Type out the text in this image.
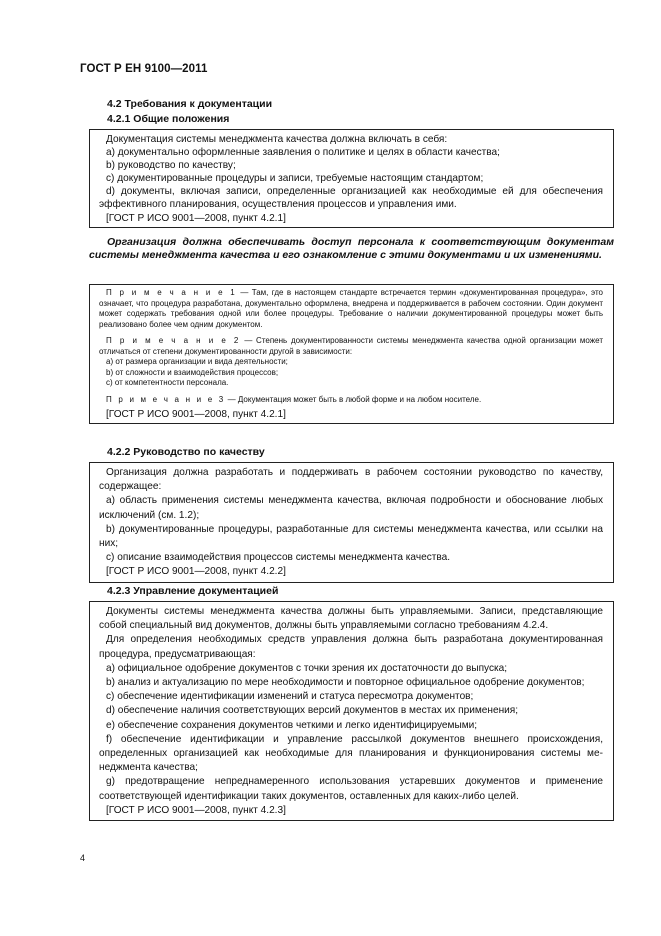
ГОСТ Р ЕН 9100—2011
4.2 Требования к документации
4.2.1 Общие положения

Документация системы менеджмента качества должна включать в себя:

а) документально оформленные заявления о политике и целях в области качества;

b) руководство по качеству;

c) документированные процедуры и записи, требуемые настоящим стандартом;

d) документы, включая записи, определенные организацией как необходимые ей для обеспечения эффективного планирования, осуществления процессов и управления ими.

[ГОСТ Р ИСО 9001—2008, пункт 4.2.1]

Организация должна обеспечивать доступ персонала к соответствующим документам системы менеджмента качества и его ознакомление с этими документами и их изменениями.

П р и м е ч а н и е 1 — Там, где в настоящем стандарте встречается термин «документированная процедура», это означает, что процедура разработана, документально оформлена, внедрена и поддерживается в рабочем состоянии. Один документ может содержать требования одной или более процедуры. Требование о наличии документированной процедуры может быть реализовано более чем одним документом.

П р и м е ч а н и е 2 — Степень документированности системы менеджмента качества одной организации может отличаться от степени документированности другой в зависимости:

а) от размера организации и вида деятельности;

b) от сложности и взаимодействия процессов;

c) от компетентности персонала.

П р и м е ч а н и е 3 — Документация может быть в любой форме и на любом носителе.

[ГОСТ Р ИСО 9001—2008, пункт 4.2.1]

4.2.2 Руководство по качеству

Организация должна разработать и поддерживать в рабочем состоянии руководство по качеству, содержащее:

а) область применения системы менеджмента качества, включая подробности и обоснование любых исключений (см. 1.2);

b) документированные процедуры, разработанные для системы менеджмента качества, или ссылки на них;

c) описание взаимодействия процессов системы менеджмента качества.

[ГОСТ Р ИСО 9001—2008, пункт 4.2.2]

4.2.3 Управление документацией

Документы системы менеджмента качества должны быть управляемыми. Записи, представляющие собой специальный вид документов, должны быть управляемыми согласно требованиям 4.2.4.

Для определения необходимых средств управления должна быть разработана документированная процедура, предусматривающая:

а) официальное одобрение документов с точки зрения их достаточности до выпуска;

b) анализ и актуализацию по мере необходимости и повторное официальное одобрение документов;

c) обеспечение идентификации изменений и статуса пересмотра документов;

d) обеспечение наличия соответствующих версий документов в местах их применения;

e) обеспечение сохранения документов четкими и легко идентифицируемыми;

f) обеспечение идентификации и управление рассылкой документов внешнего происхождения, определенных организацией как необходимые для планирования и функционирования системы менеджмента качества;

g) предотвращение непреднамеренного использования устаревших документов и применение соответствующей идентификации таких документов, оставленных для каких-либо целей.

[ГОСТ Р ИСО 9001—2008, пункт 4.2.3]

4
